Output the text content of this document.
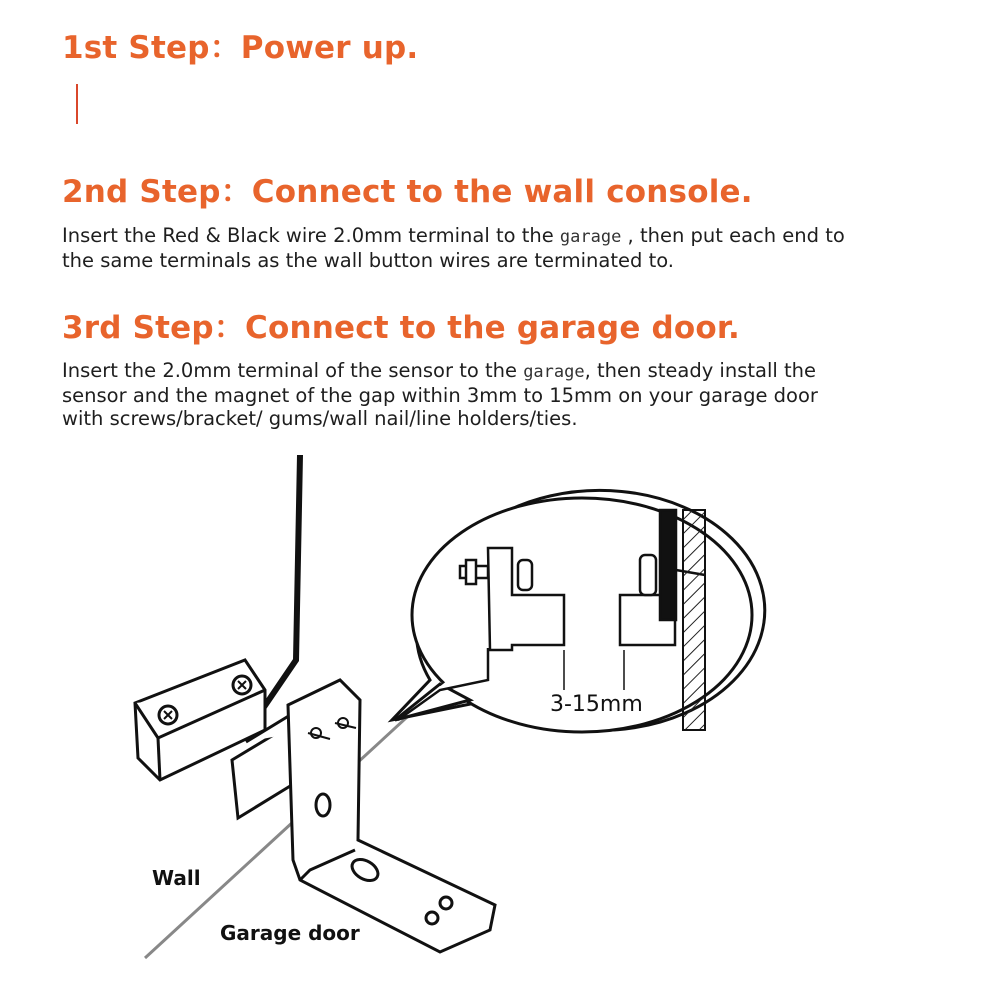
1st Step：Power up.
2nd Step：Connect to the wall console.

Insert the Red & Black wire 2.0mm terminal to the garage , then put each end to the same terminals as the wall button wires are terminated to.

3rd Step：Connect to the garage door.

Insert the 2.0mm terminal of the sensor to the garage, then steady install the sensor and the magnet of the gap within 3mm to 15mm on your garage door with screws/bracket/ gums/wall nail/line holders/ties.

3-15mm
Wall
Garage door
